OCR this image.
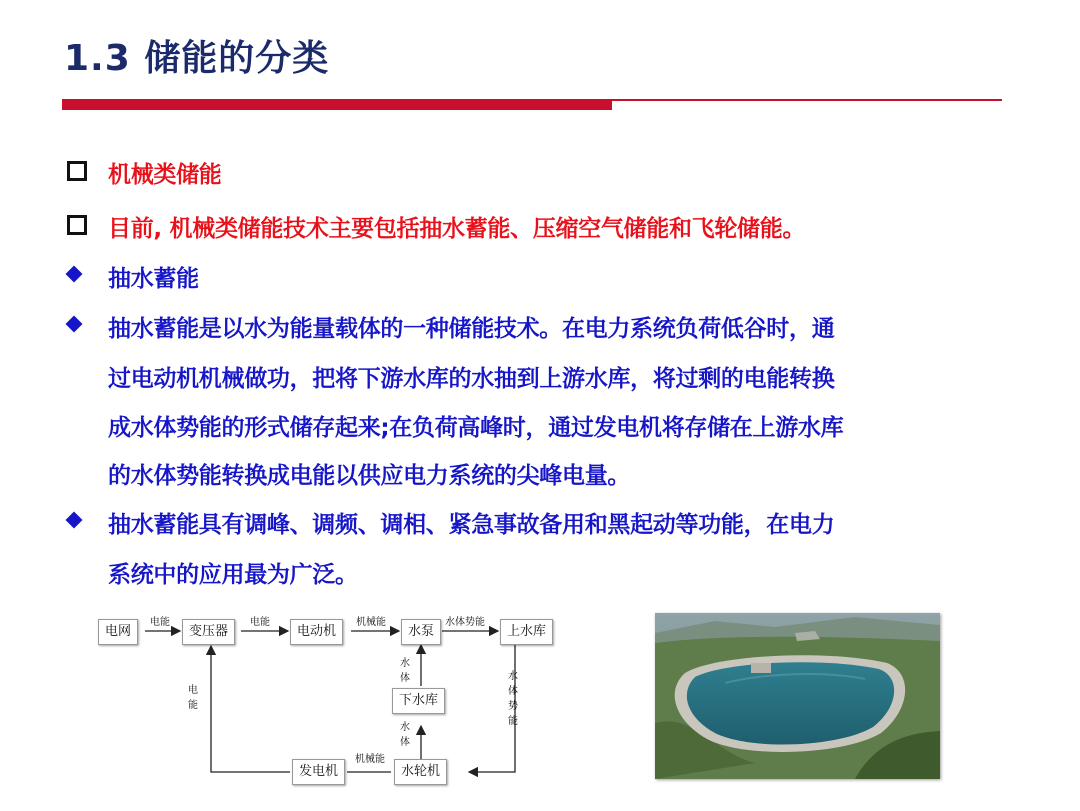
1.3 储能的分类
机械类储能
目前, 机械类储能技术主要包括抽水蓄能、压缩空气储能和飞轮储能。
抽水蓄能
抽水蓄能是以水为能量载体的一种储能技术。在电力系统负荷低谷时，通
过电动机机械做功，把将下游水库的水抽到上游水库，将过剩的电能转换
成水体势能的形式储存起来;在负荷高峰时，通过发电机将存储在上游水库
的水体势能转换成电能以供应电力系统的尖峰电量。
抽水蓄能具有调峰、调频、调相、紧急事故备用和黑起动等功能，在电力
系统中的应用最为广泛。
电网	变压器	电动机	水泵	上水库
下水库
发电机	水轮机
电能	电能	机械能	水体势能
电能
水体势能
水体
水体
机械能
